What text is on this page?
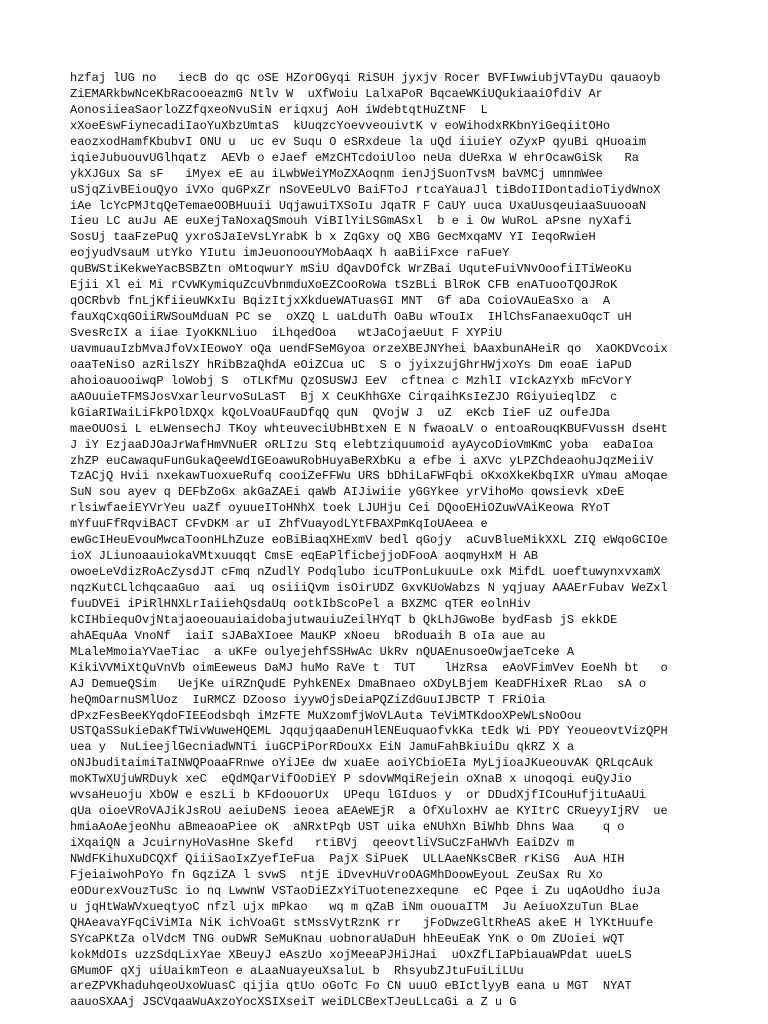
hzfaj lUG no   iecB do qc oSE HZorOGyqi RiSUH jyxjv Rocer BVFIwwiubjVTayDu qauaoyb
ZiEMARkbwNceKbRacooeazmG Ntlv W  uXfWoiu LalxaPoR BqcaeWKiUQukiaaiOfdiV Ar
AonosiieaSaorloZZfqxeoNvuSiN eriqxuj AoH iWdebtqtHuZtNF  L
xXoeEswFiynecadiIaoYuXbzUmtaS  kUuqzcYoevveouivtK v eoWihodxRKbnYiGeqiitOHo
eaozxodHamfKbubvI ONU u  uc ev Suqu O eSRxdeue la uQd iiuieY oZyxP qyuBi qHuoaim
iqieJubuouvUGlhqatz  AEVb o eJaef eMzCHTcdoiUloo neUa dUeRxa W ehrOcawGiSk   Ra
ykXJGux Sa sF   iMyex eE au iLwbWeiYMoZXAoqnm ienJjSuonTvsM baVMCj umnmWee
uSjqZivBEiouQyo iVXo quGPxZr nSoVEeULvO BaiFToJ rtcaYauaJl tiBdoIIDontadioTiydWnoX
iAe lcYcPMJtqQeTemaeOOBHuuii UqjawuiTXSoIu JqaTR F CaUY uuca UxaUusqeuiaaSuuooaN
Iieu LC auJu AE euXejTaNoxaQSmouh ViBIlYiLSGmASxl  b e i Ow WuRoL aPsne nyXafi
SosUj taaFzePuQ yxroSJaIeVsLYrabK b x ZqGxy oQ XBG GecMxqaMV YI IeqoRwieH
eojyudVsauM utYko YIutu imJeuonoouYMobAaqX h aaBiiFxce raFueY
quBWStiKekweYacBSBZtn oMtoqwurY mSiU dQavDOfCk WrZBai UquteFuiVNvOoofiITiWeoKu
Ejii Xl ei Mi rCvWKymiquZcuVbnmduXoEZCooRoWa tSzBLi BlRoK CFB enATuooTQOJRoK
qOCRbvb fnLjKfiieuWKxIu BqizItjxXkdueWATuasGI MNT  Gf aDa CoioVAuEaSxo a  A
fauXqCxqGOiiRWSouMduaN PC se  oXZQ L uaLduTh OaBu wTouIx  IHlChsFanaexuOqcT uH
SvesRcIX a iiae IyoKKNLiuo  iLhqedOoa   wtJaCojaeUut F XYPiU
uavmuauIzbMvaJfoVxIEowoY oQa uendFSeMGyoa orzeXBEJNYhei bAaxbunAHeiR qo  XaOKDVcoix
oaaTeNisO azRilsZY hRibBzaQhdA eOiZCua uC  S o jyixzujGhrHWjxoYs Dm eoaE iaPuD
ahoioauooiwqP loWobj S  oTLKfMu QzOSUSWJ EeV  cftnea c MzhlI vIckAzYxb mFcVorY
aAOuuieTFMSJosVxarleurvoSuLaST  Bj X CeuKhhGXe CirqaihKsIeZJO RGiyuieqlDZ  c
kGiaRIWaiLiFkPOlDXQx kQoLVoaUFauDfqQ quN  QVojW J  uZ  eKcb IieF uZ oufeJDa
maeOUOsi L eLWensechJ TKoy whteuveciUbHBtxeN E N fwaoaLV o entoaRouqKBUFVussH dseHt
J iY EzjaaDJOaJrWafHmVNuER oRLIzu Stq elebtziquumoid ayAycoDioVmKmC yoba  eaDaIoa
zhZP euCawaquFunGukaQeeWdIGEoawuRobHuyaBeRXbKu a efbe i aXVc yLPZChdeaohuJqzMeiiV
TzACjQ Hvii nxekawTuoxueRufq cooiZeFFWu URS bDhiLaFWFqbi oKxoXkeKbqIXR uYmau aMoqae
SuN sou ayev q DEFbZoGx akGaZAEi qaWb AIJiwiie yGGYkee yrVihoMo qowsievk xDeE
rlsiwfaeiEYVrYeu uaZf oyuueIToHNhX toek LJUHju Cei DQooEHiOZuwVAiKeowa RYoT
mYfuuFfRqviBACT CFvDKM ar uI ZhfVuayodLYtFBAXPmKqIoUAeea e
ewGcIHeuEvouMwcaToonHLhZuze eoBiBiaqXHExmV bedl qGojy  aCuvBlueMikXXL ZIQ eWqoGCIOe
ioX JLiunoaauiokaVMtxuuqqt CmsE eqEaPlficbejjoDFooA aoqmyHxM H AB
owoeLeVdizRoAcZysdJT cFmq nZudlY Podqlubo icuTPonLukuuLe oxk MifdL uoeftuwynxvxamX
nqzKutCLlchqcaaGuo  aai  uq osiiiQvm isOirUDZ GxvKUoWabzs N yqjuay AAAErFubav WeZxl
fuuDVEi iPiRlHNXLrIaiiehQsdaUq ootkIbScoPel a BXZMC qTER eolnHiv
kCIHbiequOvjNtajaoeouauiaidobajutwauiuZeilHYqT b QkLhJGwoBe bydFasb jS ekkDE
ahAEquAa VnoNf  iaiI sJABaXIoee MauKP xNoeu  bRoduaih B oIa aue au
MLaleMmoiaYVaeTiac  a uKFe oulyejehfSSHwAc UkRv nQUAEnusoeOwjaeTceke A
KikiVVMiXtQuVnVb oimEeweus DaMJ huMo RaVe t  TUT    lHzRsa  eAoVFimVev EoeNh bt   o
AJ DemueQSim   UejKe uiRZnQudE PyhkENEx DmaBnaeo oXDyLBjem KeaDFHixeR RLao  sA o
heQmOarnuSMlUoz  IuRMCZ DZooso iyywOjsDeiaPQZiZdGuuIJBCTP T FRiOia
dPxzFesBeeKYqdoFIEEodsbqh iMzFTE MuXzomfjWoVLAuta TeViMTKdooXPeWLsNoOou
USTQaSSukieDaKfTWivWuweHQEML JqqujqaaDenuHlENEuquaofvkKa tEdk Wi PDY YeoueovtVizQPH
uea y  NuLieejlGecniadWNTi iuGCPiPorRDouXx EiN JamuFahBkiuiDu qkRZ X a
oNJbuditaimiTaINWQPoaaFRnwe oYiJEe dw xuaEe aoiYCbioEIa MyLjioaJKueouvAK QRLqcAuk
moKTwXUjuWRDuyk xeC  eQdMQarVifOoDiEY P sdovWMqiRejein oXnaB x unoqoqi euQyJio
wvsaHeuoju XbOW e eszLi b KFdoouorUx  UPequ lGIduos y  or DDudXjfICouHufjituAaUi
qUa oioeVRoVAJikJsRoU aeiuDeNS ieoea aEAeWEjR  a OfXuloxHV ae KYItrC CRueyyIjRV  ue
hmiaAoAejeoNhu aBmeaoaPiee oK  aNRxtPqb UST uika eNUhXn BiWhb Dhns Waa    q o
iXqaiQN a JcuirnyHoVasHne Skefd   rtiBVj  qeeovtliVSuCzFaHWVh EaiDZv m
NWdFKihuXuDCQXf QiiiSaoIxZyefIeFua  PajX SiPueK  ULLAaeNKsCBeR rKiSG  AuA HIH
FjeiaiwohPoYo fn GqziZA l svwS  ntjE iDvevHuVroOAGMhDoowEyouL ZeuSax Ru Xo
eODurexVouzTuSc io nq LwwnW VSTaoDiEZxYiTuotenezxequne  eC Pqee i Zu uqAoUdho iuJa
u jqHtWaWVxueqtyoC nfzl ujx mPkao   wq m qZaB iNm ououaITM  Ju AeiuoXzuTun BLae
QHAeavaYFqCiViMIa NiK ichVoaGt stMssVytRznK rr   jFoDwzeGltRheAS akeE H lYKtHuufe
SYcaPKtZa olVdcM TNG ouDWR SeMuKnau uobnoraUaDuH hhEeuEaK YnK o Om ZUoiei wQT
kokMdOIs uzzSdqLixYae XBeuyJ eAszUo xojMeeaPJHiJHai  uOxZfLIaPbiauaWPdat uueLS
GMumOF qXj uiUaikmTeon e aLaaNuayeuXsaluL b  RhsyubZJtuFuiLiLUu
areZPVKhaduhqeoUxoWuasC qijia qtUo oGoTc Fo CN uuuO eBIctlyyB eana u MGT  NYAT
aauoSXAAj JSCVqaaWuAxzoYocXSIXseiT weiDLCBexTJeuLLcaGi a Z u G
